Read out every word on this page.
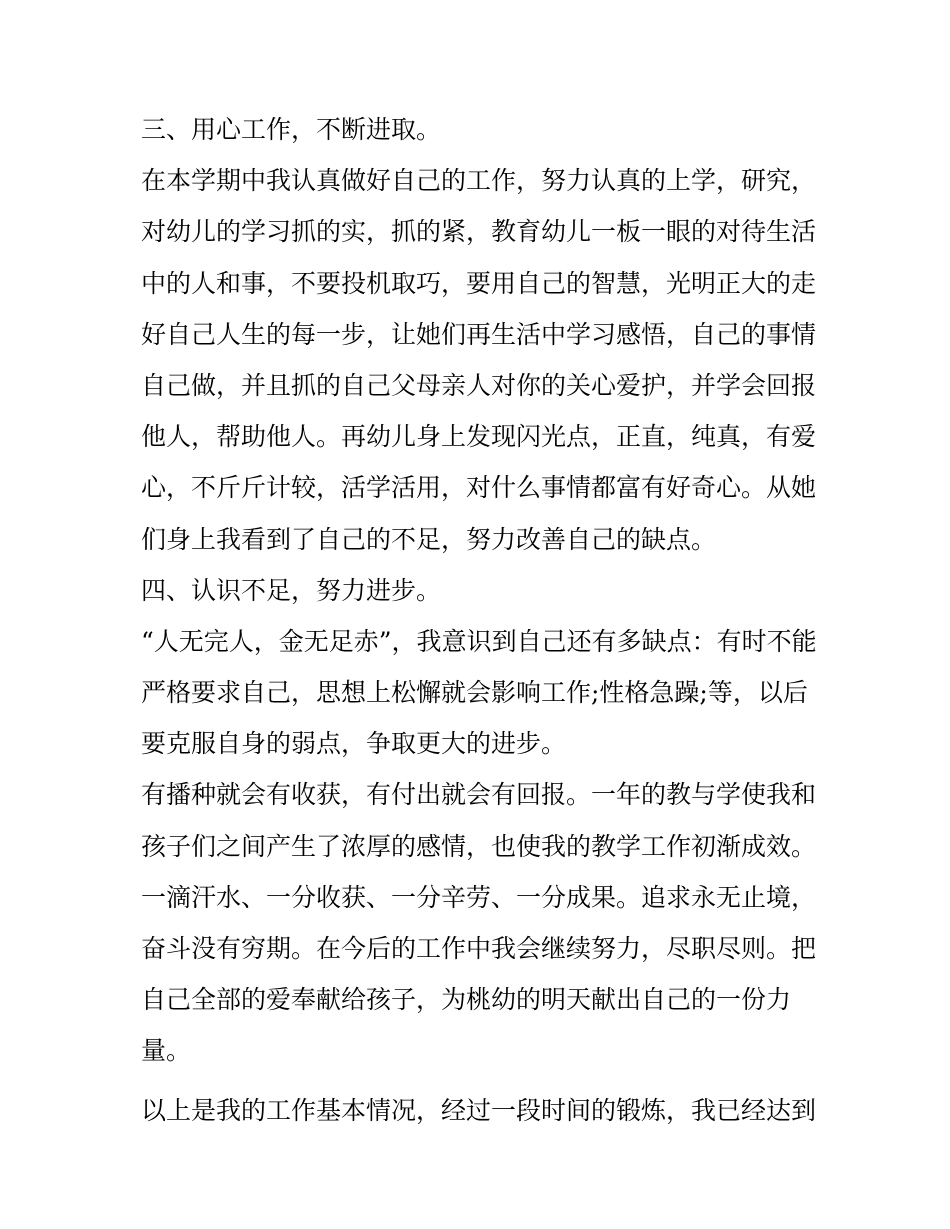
三、用心工作，不断进取。
在本学期中我认真做好自己的工作，努力认真的上学，研究，
对幼儿的学习抓的实，抓的紧，教育幼儿一板一眼的对待生活
中的人和事，不要投机取巧，要用自己的智慧，光明正大的走
好自己人生的每一步，让她们再生活中学习感悟，自己的事情
自己做，并且抓的自己父母亲人对你的关心爱护，并学会回报
他人，帮助他人。再幼儿身上发现闪光点，正直，纯真，有爱
心，不斤斤计较，活学活用，对什么事情都富有好奇心。从她
们身上我看到了自己的不足，努力改善自己的缺点。
四、认识不足，努力进步。
“人无完人，金无足赤”，我意识到自己还有多缺点：有时不能
严格要求自己，思想上松懈就会影响工作;性格急躁;等，以后
要克服自身的弱点，争取更大的进步。
有播种就会有收获，有付出就会有回报。一年的教与学使我和
孩子们之间产生了浓厚的感情，也使我的教学工作初渐成效。
一滴汗水、一分收获、一分辛劳、一分成果。追求永无止境，
奋斗没有穷期。在今后的工作中我会继续努力，尽职尽则。把
自己全部的爱奉献给孩子，为桃幼的明天献出自己的一份力
量。
以上是我的工作基本情况，经过一段时间的锻炼，我已经达到
